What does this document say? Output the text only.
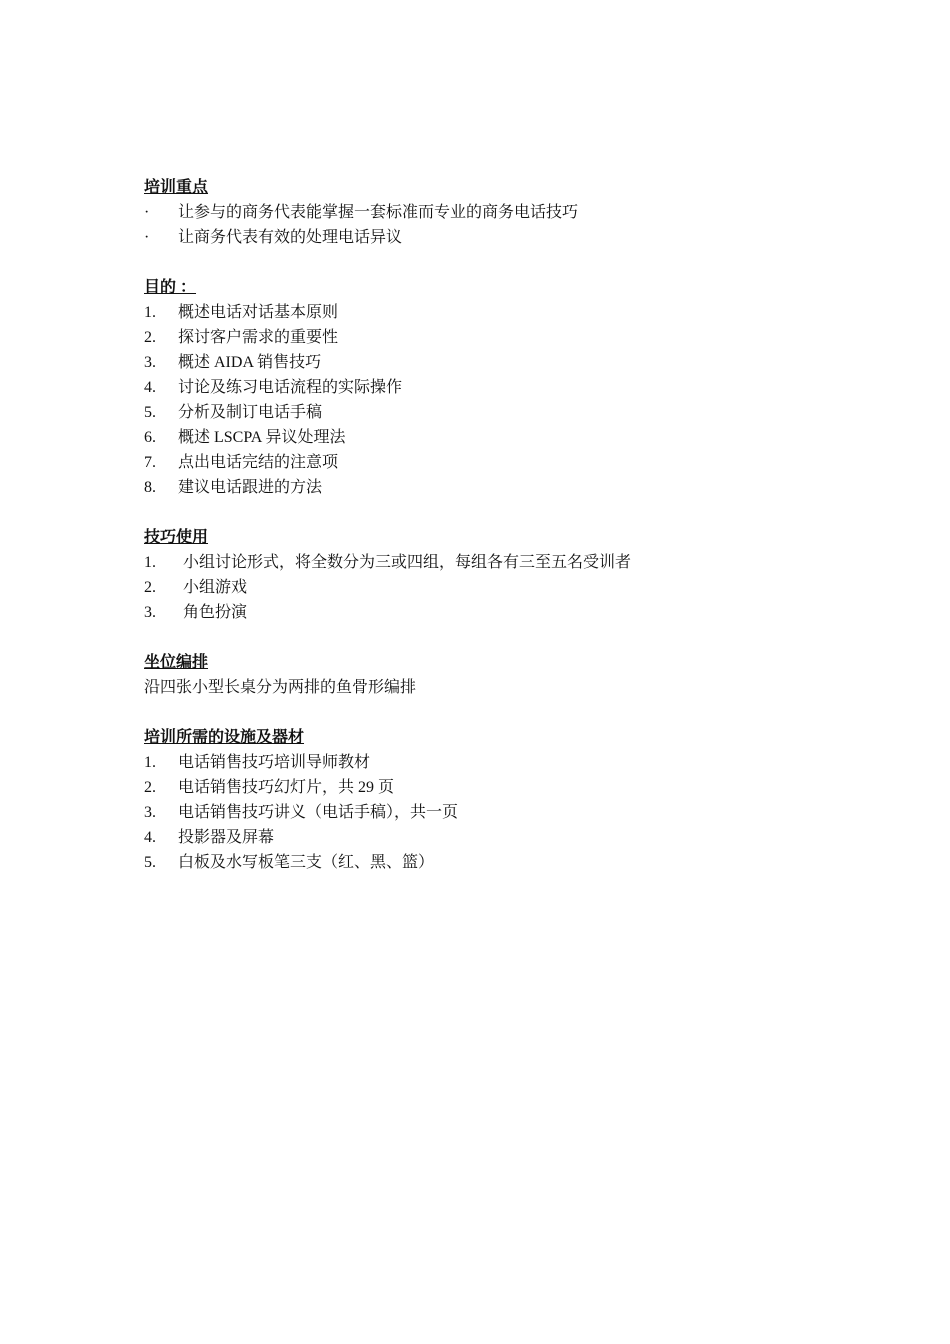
培训重点
·	让参与的商务代表能掌握一套标准而专业的商务电话技巧
·	让商务代表有效的处理电话异议
目的 ：
1.	概述电话对话基本原则
2.	探讨客户需求的重要性
3.	概述 AIDA 销售技巧
4.	讨论及练习电话流程的实际操作
5.	分析及制订电话手稿
6.	概述 LSCPA 异议处理法
7.	点出电话完结的注意项
8.	建议电话跟进的方法
技巧使用
1.	小组讨论形式，将全数分为三或四组，每组各有三至五名受训者
2.	小组游戏
3.	角色扮演
坐位编排
沿四张小型长桌分为两排的鱼骨形编排
培训所需的设施及器材
1.	电话销售技巧培训导师教材
2.	电话销售技巧幻灯片，共 29 页
3.	电话销售技巧讲义（电话手稿），共一页
4.	投影器及屏幕
5.	白板及水写板笔三支（红、黑、篮）
